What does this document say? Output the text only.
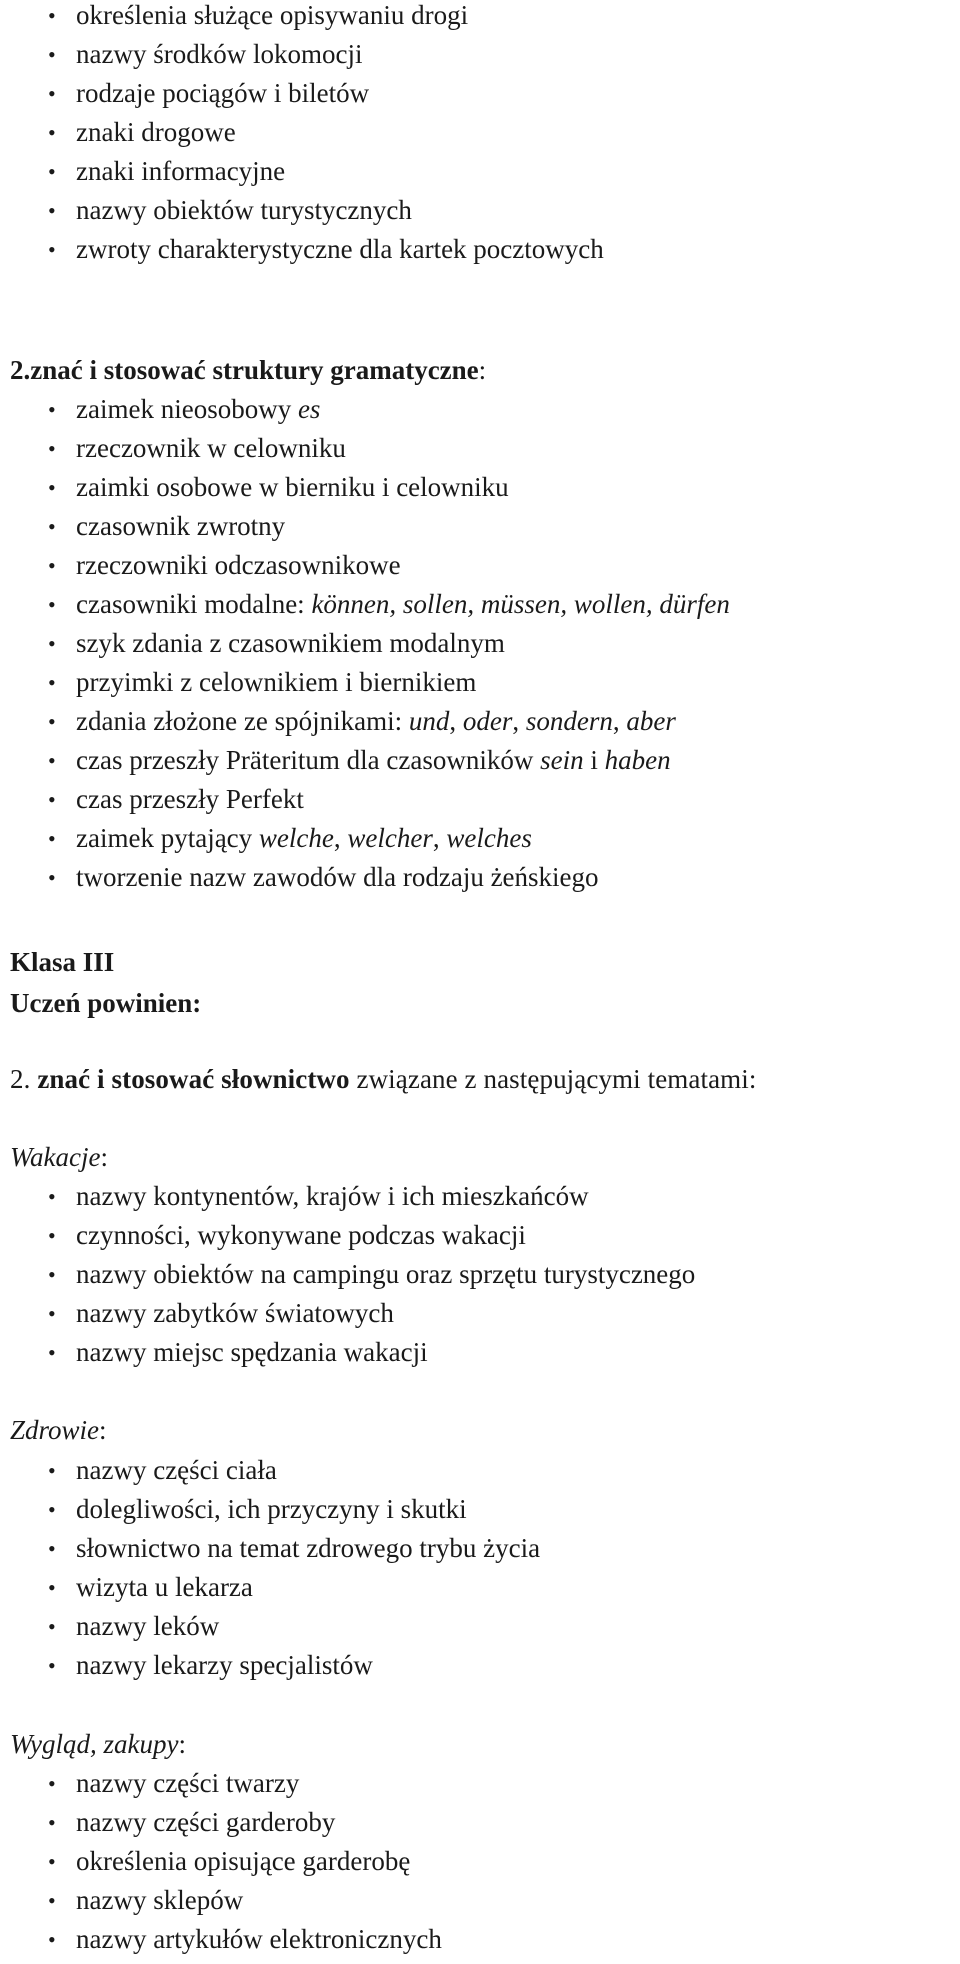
• określenia służące opisywaniu drogi
• nazwy środków lokomocji
• rodzaje pociągów i biletów
• znaki drogowe
• znaki informacyjne
• nazwy obiektów turystycznych
• zwroty charakterystyczne dla kartek pocztowych
2.znać i stosować struktury gramatyczne:
• zaimek nieosobowy es
• rzeczownik w celowniku
• zaimki osobowe w bierniku i celowniku
• czasownik zwrotny
• rzeczowniki odczasownikowe
• czasowniki modalne: können, sollen, müssen, wollen, dürfen
• szyk zdania z czasownikiem modalnym
• przyimki z celownikiem i biernikiem
• zdania złożone ze spójnikami: und, oder, sondern, aber
• czas przeszły Präteritum dla czasowników sein i haben
• czas przeszły Perfekt
• zaimek pytający welche, welcher, welches
• tworzenie nazw zawodów dla rodzaju żeńskiego
Klasa III
Uczeń powinien:
2. znać i stosować słownictwo związane z następującymi tematami:
Wakacje:
• nazwy kontynentów, krajów i ich mieszkańców
• czynności, wykonywane podczas wakacji
• nazwy obiektów na campingu oraz sprzętu turystycznego
• nazwy zabytków światowych
• nazwy miejsc spędzania wakacji
Zdrowie:
• nazwy części ciała
• dolegliwości, ich przyczyny i skutki
• słownictwo na temat zdrowego trybu życia
• wizyta u lekarza
• nazwy leków
• nazwy lekarzy specjalistów
Wygląd, zakupy:
• nazwy części twarzy
• nazwy części garderoby
• określenia opisujące garderobę
• nazwy sklepów
• nazwy artykułów elektronicznych
